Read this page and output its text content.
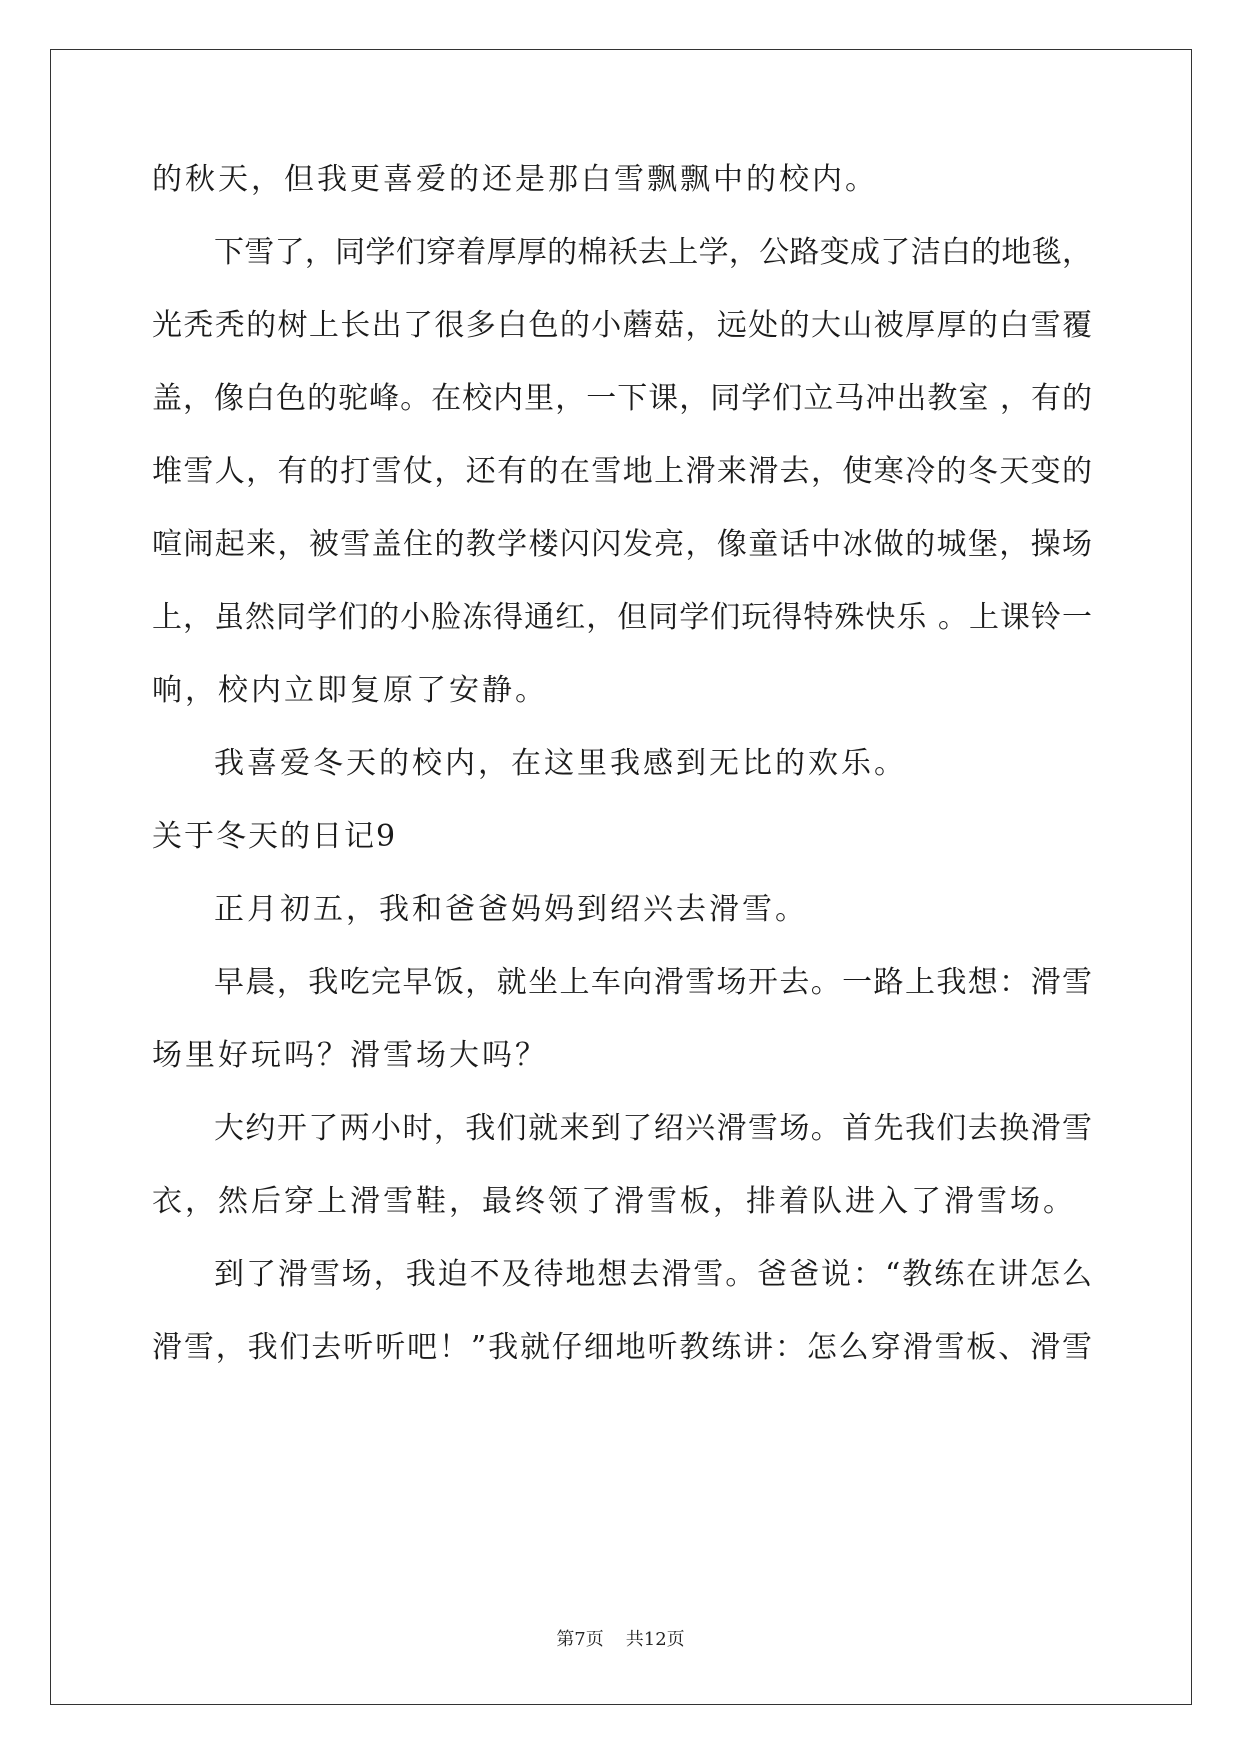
的秋天，但我更喜爱的还是那白雪飘飘中的校内。
下雪了，同学们穿着厚厚的棉袄去上学，公路变成了洁白的地毯，
光秃秃的树上长出了很多白色的小蘑菇，远处的大山被厚厚的白雪覆
盖，像白色的驼峰。在校内里，一下课，同学们立马冲出教室 ，有的
堆雪人，有的打雪仗，还有的在雪地上滑来滑去，使寒冷的冬天变的
喧闹起来，被雪盖住的教学楼闪闪发亮，像童话中冰做的城堡，操场
上，虽然同学们的小脸冻得通红，但同学们玩得特殊快乐 。上课铃一
响，校内立即复原了安静。
我喜爱冬天的校内，在这里我感到无比的欢乐。
关于冬天的日记9
正月初五，我和爸爸妈妈到绍兴去滑雪。
早晨，我吃完早饭，就坐上车向滑雪场开去。一路上我想：滑雪
场里好玩吗？滑雪场大吗？
大约开了两小时，我们就来到了绍兴滑雪场。首先我们去换滑雪
衣，然后穿上滑雪鞋，最终领了滑雪板，排着队进入了滑雪场。
到了滑雪场，我迫不及待地想去滑雪。爸爸说：“教练在讲怎么
滑雪，我们去听听吧！”我就仔细地听教练讲：怎么穿滑雪板、滑雪
第7页 共12页
